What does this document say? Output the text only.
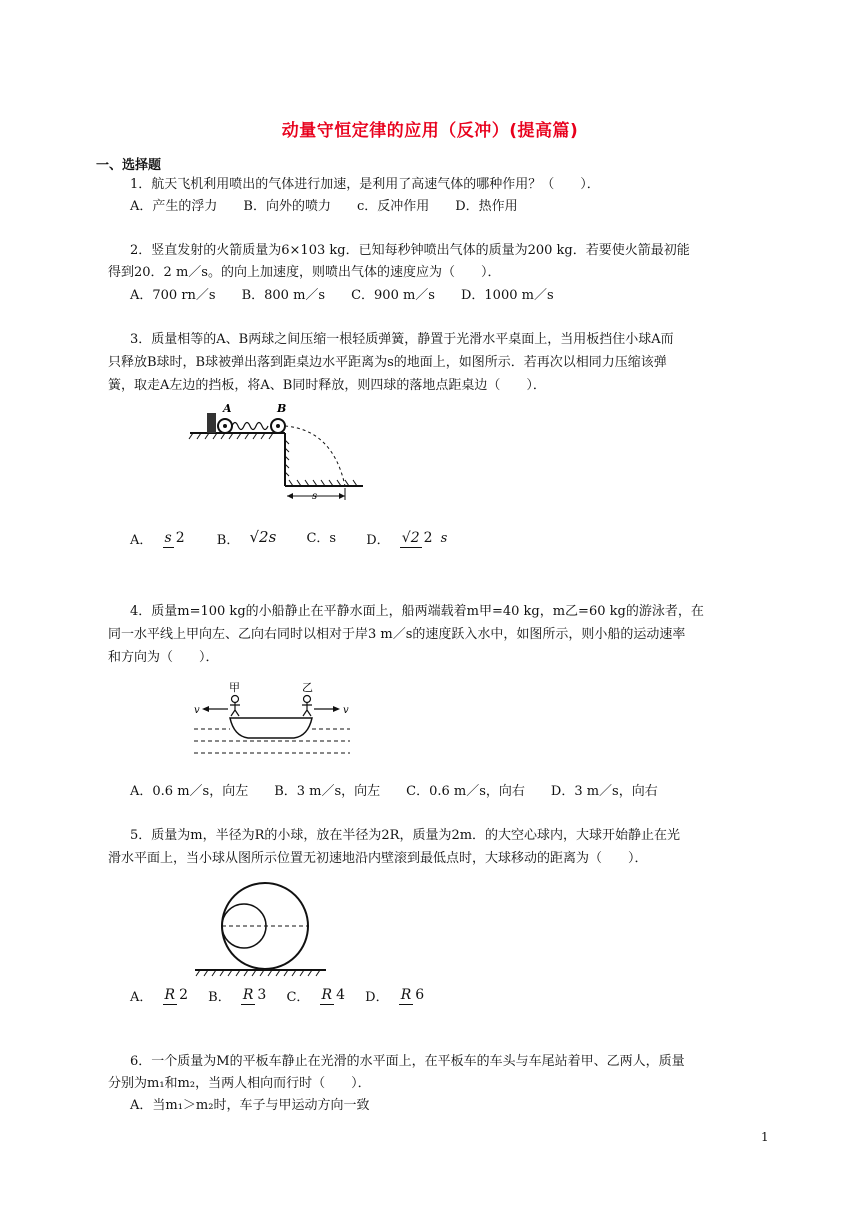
动量守恒定律的应用（反冲）(提高篇)
一、选择题
1．航天飞机利用喷出的气体进行加速，是利用了高速气体的哪种作用？（　　）．
A．产生的浮力　　B．向外的喷力　　c．反冲作用　　D．热作用
2．竖直发射的火箭质量为6×103 kg．已知每秒钟喷出气体的质量为200 kg．若要使火箭最初能
得到20．2 m／s。的向上加速度，则喷出气体的速度应为（　　）．
A．700 rn／s　　B．800 m／s　　C．900 m／s　　D．1000 m／s
3．质量相等的A、B两球之间压缩一根轻质弹簧，静置于光滑水平桌面上，当用板挡住小球A而
只释放B球时，B球被弹出落到距桌边水平距离为s的地面上，如图所示．若再次以相同力压缩该弹
簧，取走A左边的挡板，将A、B同时释放，则四球的落地点距桌边（　　）．
s
A	B
A． s 2 B． √2s C．s D． √2 2 s
4．质量m=100 kg的小船静止在平静水面上，船两端载着m甲=40 kg，m乙=60 kg的游泳者，在
同一水平线上甲向左、乙向右同时以相对于岸3 m／s的速度跃入水中，如图所示，则小船的运动速率
和方向为（　　）．
甲	乙
v	v
A．0.6 m／s，向左　　B．3 m／s，向左　　C．0.6 m／s，向右　　D．3 m／s，向右
5．质量为m，半径为R的小球，放在半径为2R，质量为2m．的大空心球内，大球开始静止在光
滑水平面上，当小球从图所示位置无初速地沿内壁滚到最低点时，大球移动的距离为（　　）．
A． R 2 B． R 3 C． R 4 D． R 6
6．一个质量为M的平板车静止在光滑的水平面上，在平板车的车头与车尾站着甲、乙两人，质量
分别为m₁和m₂，当两人相向而行时（　　）．
A．当m₁＞m₂时，车子与甲运动方向一致
1
